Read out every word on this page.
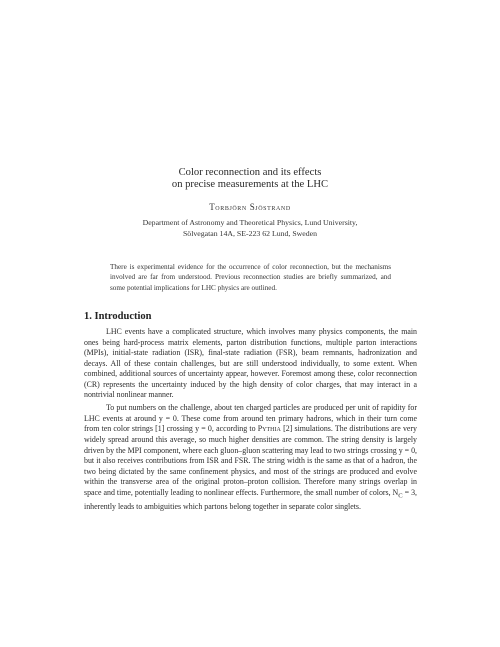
Color reconnection and its effects
on precise measurements at the LHC
Torbjörn Sjöstrand
Department of Astronomy and Theoretical Physics, Lund University,
Sölvegatan 14A, SE-223 62 Lund, Sweden
There is experimental evidence for the occurrence of color reconnection, but the mechanisms involved are far from understood. Previous reconnection studies are briefly summarized, and some potential implications for LHC physics are outlined.
1. Introduction

LHC events have a complicated structure, which involves many physics components, the main ones being hard-process matrix elements, parton distribution functions, multiple parton interactions (MPIs), initial-state radiation (ISR), final-state radiation (FSR), beam remnants, hadronization and decays. All of these contain challenges, but are still understood individually, to some extent. When combined, additional sources of uncertainty appear, however. Foremost among these, color reconnection (CR) represents the uncertainty induced by the high density of color charges, that may interact in a nontrivial nonlinear manner.

To put numbers on the challenge, about ten charged particles are produced per unit of rapidity for LHC events at around y = 0. These come from around ten primary hadrons, which in their turn come from ten color strings [1] crossing y = 0, according to Pythia [2] simulations. The distributions are very widely spread around this average, so much higher densities are common. The string density is largely driven by the MPI component, where each gluon–gluon scattering may lead to two strings crossing y = 0, but it also receives contributions from ISR and FSR. The string width is the same as that of a hadron, the two being dictated by the same confinement physics, and most of the strings are produced and evolve within the transverse area of the original proton–proton collision. Therefore many strings overlap in space and time, potentially leading to nonlinear effects. Furthermore, the small number of colors, $N_C = 3$, inherently leads to ambiguities which partons belong together in separate color singlets.
